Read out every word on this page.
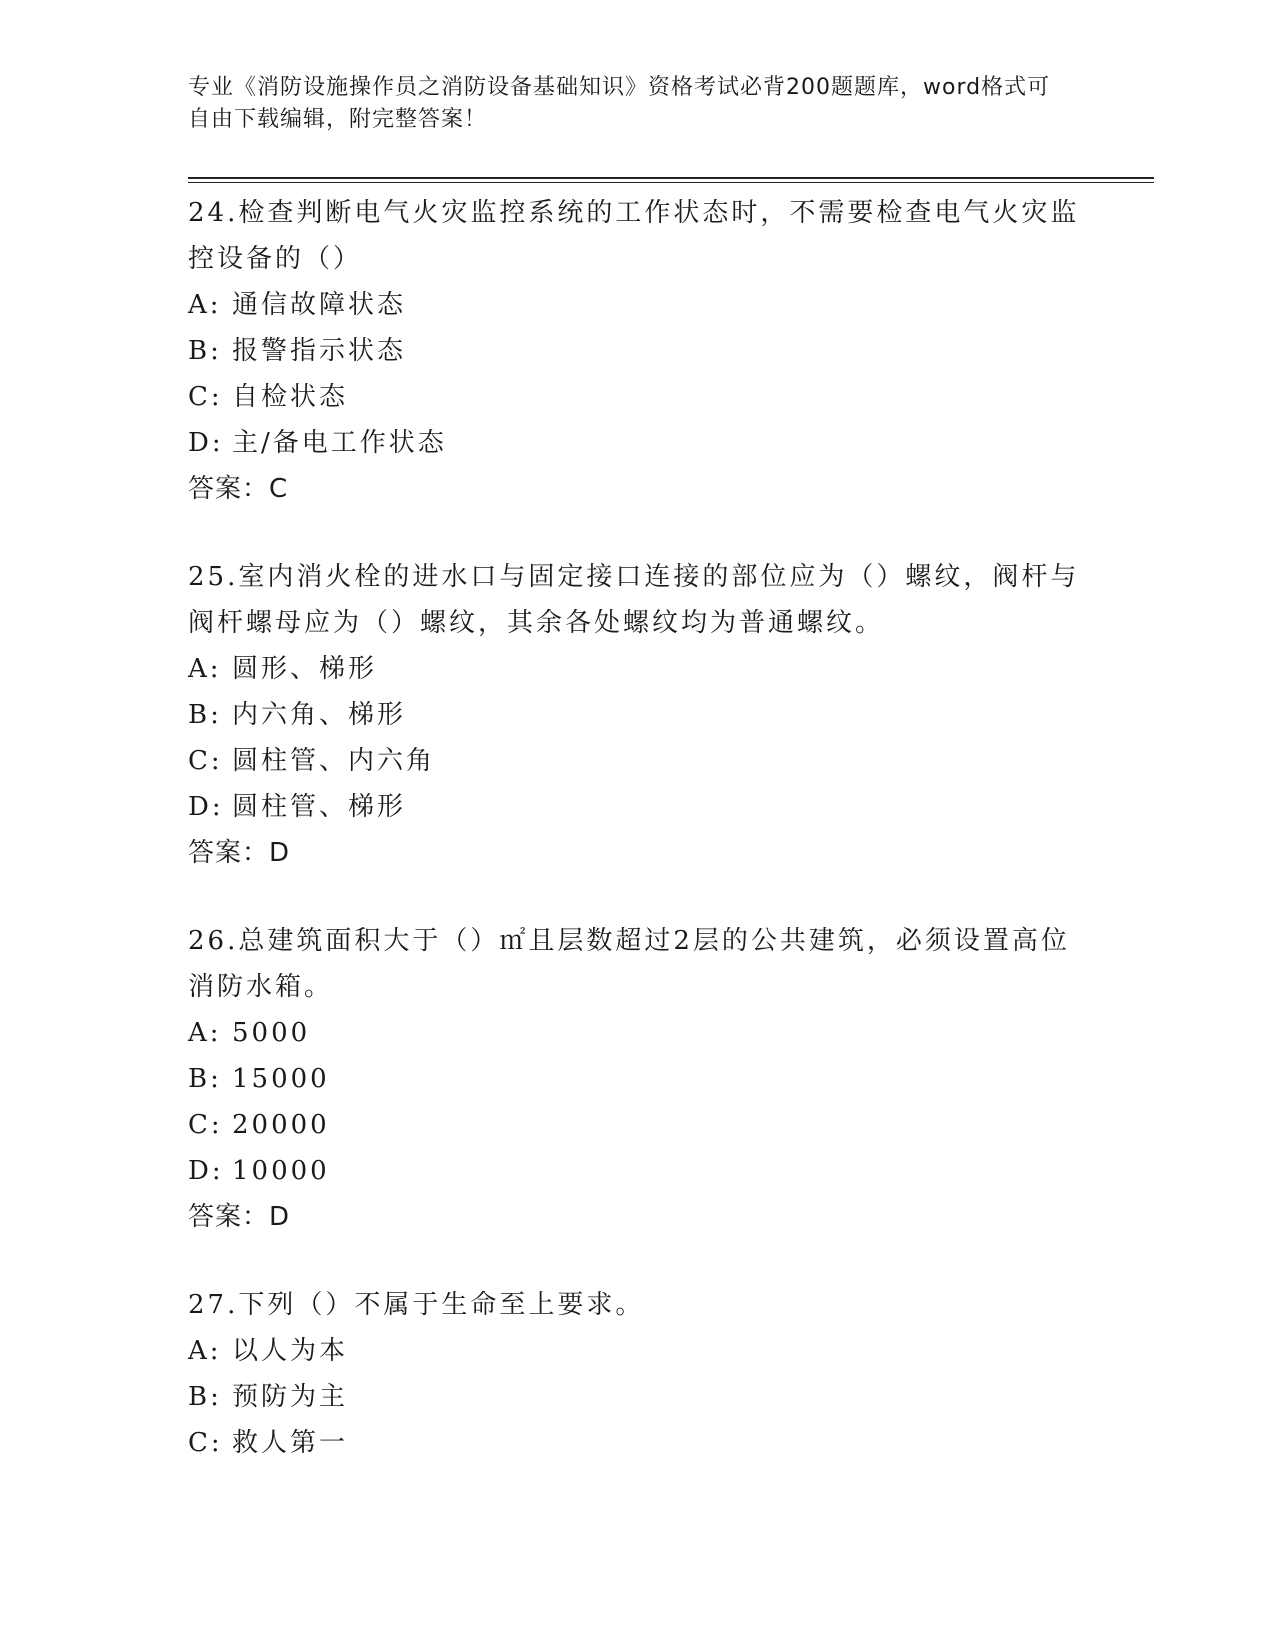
专业《消防设施操作员之消防设备基础知识》资格考试必背200题题库，word格式可自由下载编辑，附完整答案！

24.检查判断电气火灾监控系统的工作状态时，不需要检查电气火灾监控设备的（）

A: 通信故障状态
B: 报警指示状态
C: 自检状态
D: 主/备电工作状态
答案：C

25.室内消火栓的进水口与固定接口连接的部位应为（）螺纹，阀杆与阀杆螺母应为（）螺纹，其余各处螺纹均为普通螺纹。

A: 圆形、梯形
B: 内六角、梯形
C: 圆柱管、内六角
D: 圆柱管、梯形
答案：D

26.总建筑面积大于（）㎡且层数超过2层的公共建筑，必须设置高位消防水箱。

A: 5000
B: 15000
C: 20000
D: 10000
答案：D

27.下列（）不属于生命至上要求。

A: 以人为本
B: 预防为主
C: 救人第一
